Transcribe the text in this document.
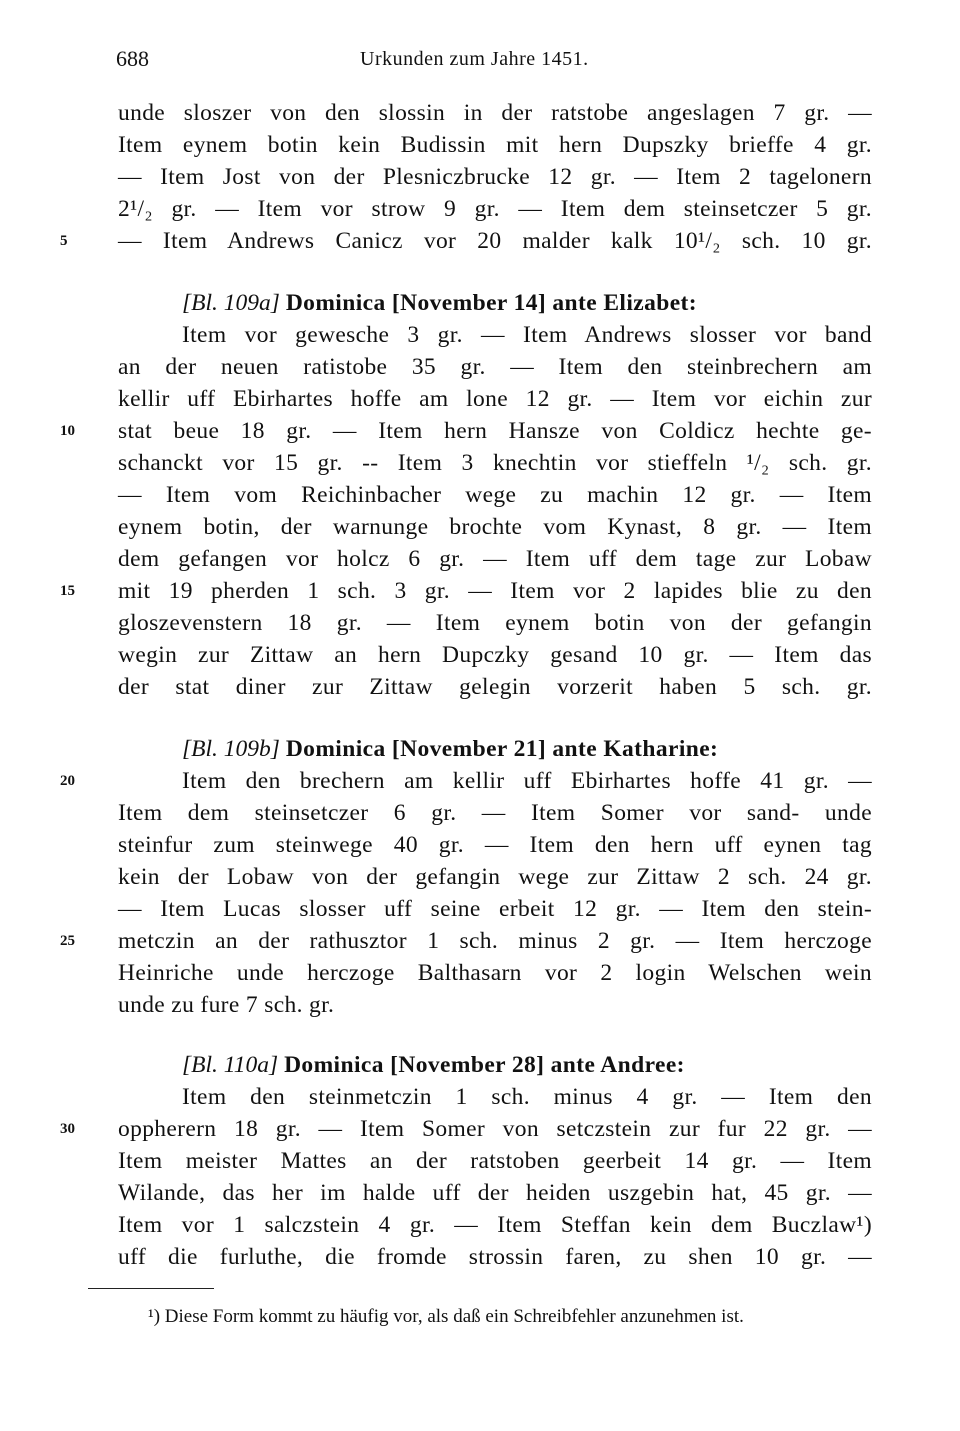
688	Urkunden zum Jahre 1451.
unde sloszer von den slossin in der ratstobe angeslagen 7 gr. —
Item eynem botin kein Budissin mit hern Dupszky brieffe 4 gr.
— Item Jost von der Plesniczbrucke 12 gr. — Item 2 tagelonern
2¹/₂ gr. — Item vor strow 9 gr. — Item dem steinsetczer 5 gr.
5	— Item Andrews Canicz vor 20 malder kalk 10¹/₂ sch. 10 gr.
[Bl. 109a] Dominica [November 14] ante Elizabet:
Item vor gewesche 3 gr. — Item Andrews slosser vor band
an der neuen ratistobe 35 gr. — Item den steinbrechern am
kellir uff Ebirhartes hoffe am lone 12 gr. — Item vor eichin zur
10	stat beue 18 gr. — Item hern Hansze von Coldicz hechte ge-
schanckt vor 15 gr. -- Item 3 knechtin vor stieffeln ¹/₂ sch. gr.
— Item vom Reichinbacher wege zu machin 12 gr. — Item
eynem botin, der warnunge brochte vom Kynast, 8 gr. — Item
dem gefangen vor holcz 6 gr. — Item uff dem tage zur Lobaw
15	mit 19 pherden 1 sch. 3 gr. — Item vor 2 lapides blie zu den
gloszevenstern 18 gr. — Item eynem botin von der gefangin
wegin zur Zittaw an hern Dupczky gesand 10 gr. — Item das
der stat diner zur Zittaw gelegin vorzerit haben 5 sch. gr.
[Bl. 109b] Dominica [November 21] ante Katharine:
20	Item den brechern am kellir uff Ebirhartes hoffe 41 gr. —
Item dem steinsetczer 6 gr. — Item Somer vor sand- unde
steinfur zum steinwege 40 gr. — Item den hern uff eynen tag
kein der Lobaw von der gefangin wege zur Zittaw 2 sch. 24 gr.
— Item Lucas slosser uff seine erbeit 12 gr. — Item den stein-
25	metczin an der rathusztor 1 sch. minus 2 gr. — Item herczoge
Heinriche unde herczoge Balthasarn vor 2 login Welschen wein
unde zu fure 7 sch. gr.
[Bl. 110a] Dominica [November 28] ante Andree:
Item den steinmetczin 1 sch. minus 4 gr. — Item den
30	oppherern 18 gr. — Item Somer von setczstein zur fur 22 gr. —
Item meister Mattes an der ratstoben geerbeit 14 gr. — Item
Wilande, das her im halde uff der heiden uszgebin hat, 45 gr. —
Item vor 1 salczstein 4 gr. — Item Steffan kein dem Buczlaw¹)
uff die furluthe, die fromde strossin faren, zu shen 10 gr. —
¹) Diese Form kommt zu häufig vor, als daß ein Schreibfehler anzunehmen ist.
